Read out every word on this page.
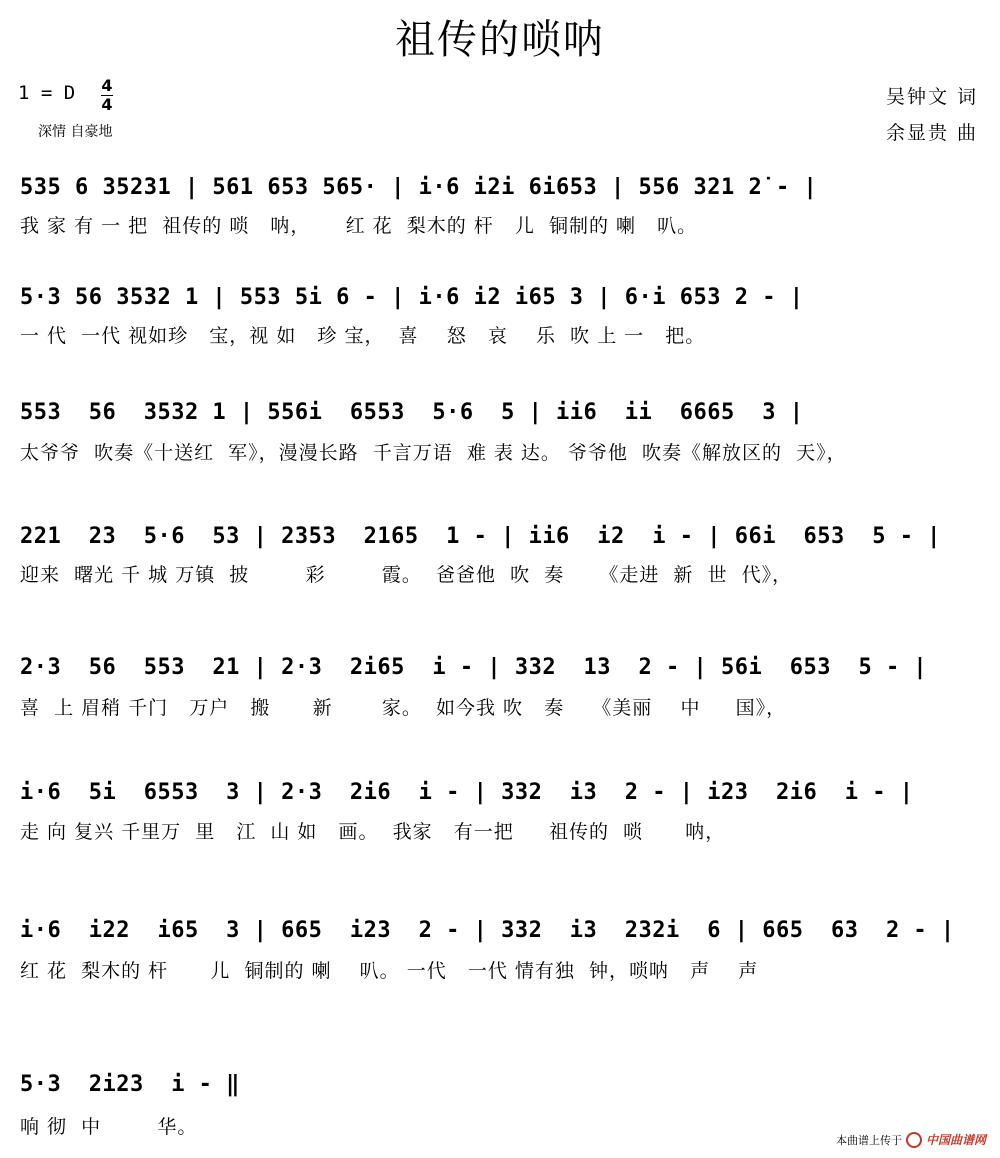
祖传的唢呐
1 = D 4
4
深情 自豪地
吴钟文 词
余显贵 曲
535 6 35231 | 561 653 565· | i·6 i2i 6i653 | 556 321 2̇ - |
我 家 有 一 把  祖传的 唢   呐，     红 花  梨木的 杆   儿  铜制的 喇   叭。
5·3 56 3532 1 | 553 5i 6 - | i·6 i2 i65 3 | 6·i 653 2 - |
一 代  一代 视如珍   宝，视 如   珍 宝，  喜    怒   哀    乐  吹 上 一   把。
553  56  3532 1 | 556i  6553  5·6  5 | ii6  ii  6665  3 |
太爷爷  吹奏《十送红  军》，漫漫长路  千言万语  难 表 达。 爷爷他  吹奏《解放区的  天》，
221  23  5·6  53 | 2353  2165  1 - | ii6  i2  i - | 66i  653  5 - |
迎来  曙光 千 城 万镇  披        彩        霞。  爸爸他  吹  奏     《走进  新  世  代》，
2·3  56  553  21 | 2·3  2i65  i - | 332  13  2 - | 56i  653  5 - |
喜  上 眉稍 千门   万户   搬      新       家。  如今我 吹   奏    《美丽    中     国》，
i·6  5i  6553  3 | 2·3  2i6  i - | 332  i3  2 - | i23  2i6  i - |
走 向 复兴 千里万  里   江  山 如   画。  我家   有一把     祖传的  唢      呐，
i·6  i22  i65  3 | 665  i23  2 - | 332  i3  232i  6 | 665  63  2 - |
红 花  梨木的 杆      儿  铜制的 喇    叭。 一代   一代 情有独  钟，唢呐   声    声
5·3  2i23  i - ‖
响 彻  中        华。
本曲谱上传于 中国曲谱网
